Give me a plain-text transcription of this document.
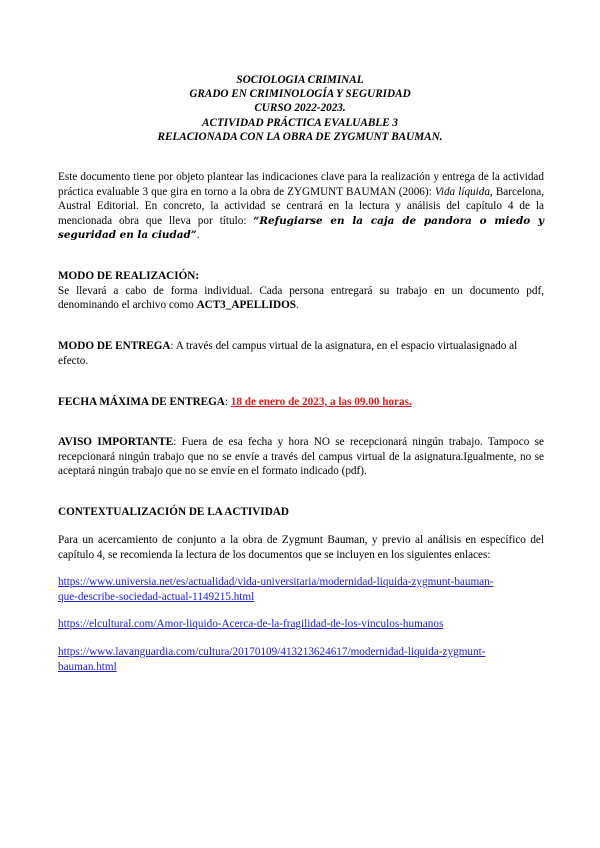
SOCIOLOGIA CRIMINAL
GRADO EN CRIMINOLOGÍA Y SEGURIDAD
CURSO 2022-2023.
ACTIVIDAD PRÁCTICA EVALUABLE 3
RELACIONADA CON LA OBRA DE ZYGMUNT BAUMAN.
Este documento tiene por objeto plantear las indicaciones clave para la realización y entrega de la actividad práctica evaluable 3 que gira en torno a la obra de ZYGMUNT BAUMAN (2006): Vida líquida, Barcelona, Austral Editorial. En concreto, la actividad se centrará en la lectura y análisis del capítulo 4 de la mencionada obra que lleva por título: “Refugiarse en la caja de pandora o miedo y seguridad en la ciudad”.
MODO DE REALIZACIÓN:
Se llevará a cabo de forma individual. Cada persona entregará su trabajo en un documento pdf, denominando el archivo como ACT3_APELLIDOS.
MODO DE ENTREGA: A través del campus virtual de la asignatura, en el espacio virtualasignado al efecto.
FECHA MÁXIMA DE ENTREGA: 18 de enero de 2023, a las 09.00 horas.
AVISO IMPORTANTE: Fuera de esa fecha y hora NO se recepcionará ningún trabajo. Tampoco se recepcionará ningún trabajo que no se envíe a través del campus virtual de la asignatura.Igualmente, no se aceptará ningún trabajo que no se envíe en el formato indicado (pdf).
CONTEXTUALIZACIÓN DE LA ACTIVIDAD
Para un acercamiento de conjunto a la obra de Zygmunt Bauman, y previo al análisis en específico del capítulo 4, se recomienda la lectura de los documentos que se incluyen en los siguientes enlaces:
https://www.universia.net/es/actualidad/vida-universitaria/modernidad-liquida-zygmunt-bauman-
que-describe-sociedad-actual-1149215.html
https://elcultural.com/Amor-liquido-Acerca-de-la-fragilidad-de-los-vinculos-humanos
https://www.lavanguardia.com/cultura/20170109/413213624617/modernidad-liquida-zygmunt-
bauman.html
